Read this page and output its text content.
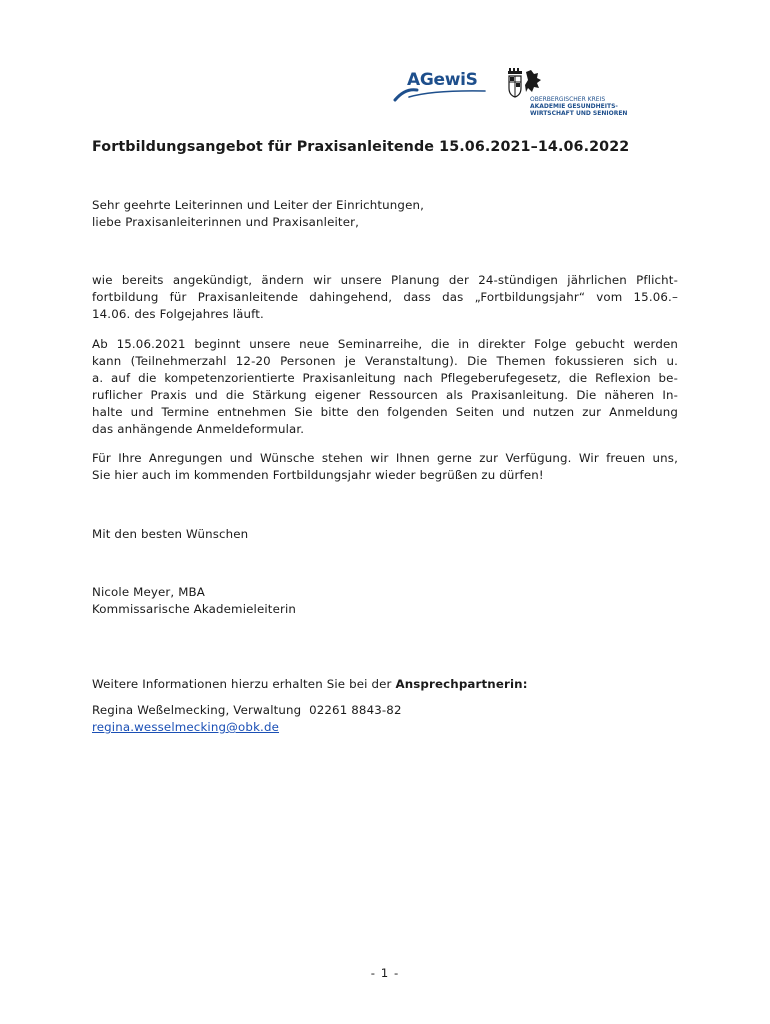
AGewiS
OBERBERGISCHER KREIS
AKADEMIE GESUNDHEITS-
WIRTSCHAFT UND SENIOREN
Fortbildungsangebot für Praxisanleitende 15.06.2021–14.06.2022
Sehr geehrte Leiterinnen und Leiter der Einrichtungen,
liebe Praxisanleiterinnen und Praxisanleiter,
wie bereits angekündigt, ändern wir unsere Planung der 24-stündigen jährlichen Pflicht-
fortbildung für Praxisanleitende dahingehend, dass das „Fortbildungsjahr“ vom 15.06.–
14.06. des Folgejahres läuft.
Ab 15.06.2021 beginnt unsere neue Seminarreihe, die in direkter Folge gebucht werden
kann (Teilnehmerzahl 12-20 Personen je Veranstaltung). Die Themen fokussieren sich u.
a. auf die kompetenzorientierte Praxisanleitung nach Pflegeberufegesetz, die Reflexion be-
ruflicher Praxis und die Stärkung eigener Ressourcen als Praxisanleitung. Die näheren In-
halte und Termine entnehmen Sie bitte den folgenden Seiten und nutzen zur Anmeldung
das anhängende Anmeldeformular.
Für Ihre Anregungen und Wünsche stehen wir Ihnen gerne zur Verfügung. Wir freuen uns,
Sie hier auch im kommenden Fortbildungsjahr wieder begrüßen zu dürfen!
Mit den besten Wünschen
Nicole Meyer, MBA
Kommissarische Akademieleiterin
Weitere Informationen hierzu erhalten Sie bei der Ansprechpartnerin:
Regina Weßelmecking, Verwaltung  02261 8843-82
regina.wesselmecking@obk.de
- 1 -
